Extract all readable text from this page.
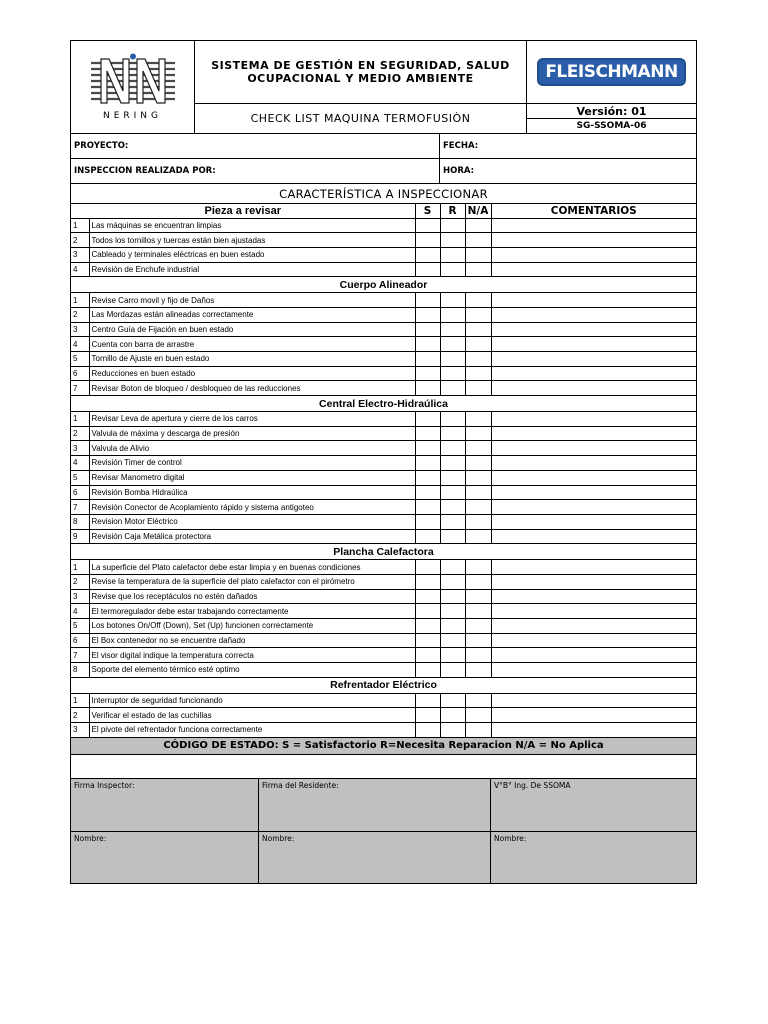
NERING
SISTEMA DE GESTIÓN EN SEGURIDAD, SALUD OCUPACIONAL Y MEDIO AMBIENTE
CHECK LIST MAQUINA TERMOFUSIÒN
FLEISCHMANN
Versión: 01
SG-SSOMA-06
PROYECTO:	FECHA:
INSPECCION REALIZADA POR:	HORA:
CARACTERÍSTICA A INSPECCIONAR
Pieza a revisar		S	R	N/A	COMENTARIOS
1	Las máquinas se encuentran limpias				
2	Todos los tornillos y tuercas están bien ajustadas				
3	Cableado y terminales eléctricas en buen estado				
4	Revisión de Enchufe industrial				
Cuerpo Alineador					
1	Revise Carro movil y fijo de Daños				
2	Las Mordazas están alineadas correctamente				
3	Centro Guía de Fijación en buen estado				
4	Cuenta con barra de arrastre				
5	Tornillo de Ajuste en buen estado				
6	Reducciones en buen estado				
7	Revisar Boton de bloqueo / desbloqueo de las reducciones				
Central Electro-Hidraúlica					
1	Revisar Leva de apertura y cierre de los carros				
2	Valvula de máxima y descarga de presión				
3	Valvula de Alivio				
4	Revisión Timer de control				
5	Revisar Manometro digital				
6	Revisión Bomba Hidraúlica				
7	Revisión Conector de Acoplamiento rápido y sistema antigoteo				
8	Revision Motor Eléctrico				
9	Revisión Caja Metálica protectora				
Plancha Calefactora					
1	La superficie del Plato calefactor debe estar limpia y en buenas condiciones				
2	Revise la temperatura de la superficie del plato calefactor con el pirómetro				
3	Revise que los receptáculos no estén dañados				
4	El termoregulador debe estar trabajando correctamente				
5	Los botones On/Off (Down), Set (Up) funcionen correctamente				
6	El Box contenedor no se encuentre dañado				
7	El visor digital indique la temperatura correcta				
8	Soporte del elemento térmico esté optimo				
Refrentador Eléctrico					
1	Interruptor de seguridad funcionando				
2	Verificar el estado de las cuchillas				
3	El pivote del refrentador funciona correctamente				
CÓDIGO DE ESTADO: S = Satisfactorio R=Necesita Reparacion N/A = No Aplica
Firma Inspector:	Firma del Residente:	V°B° Ing. De SSOMA
Nombre:	Nombre:	Nombre:
